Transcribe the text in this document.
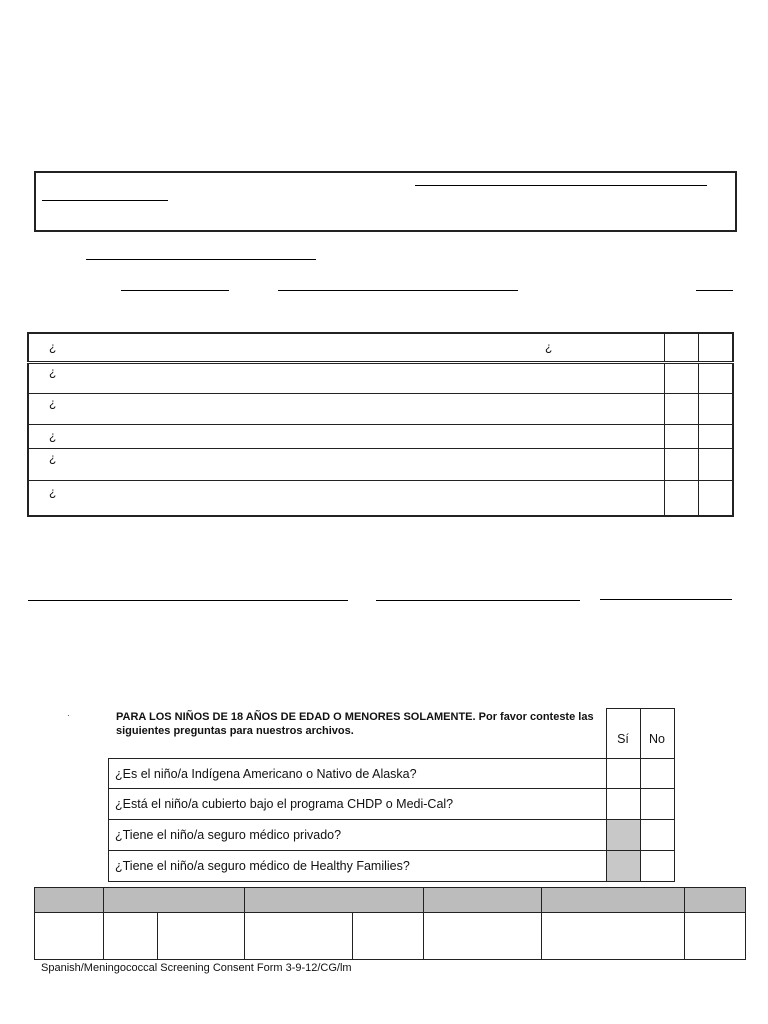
¿ ¿		

¿		
¿		
¿		
¿		
¿		
·	PARA LOS NIÑOS DE 18 AÑOS DE EDAD O MENORES SOLAMENTE. Por favor conteste las siguientes preguntas para nuestros archivos.
	Sí	No
¿Es el niño/a Indígena Americano o Nativo de Alaska?		
¿Está el niño/a cubierto bajo el programa CHDP o Medi-Cal?		
¿Tiene el niño/a seguro médico privado?		
¿Tiene el niño/a seguro médico de Healthy Families?		

Spanish/Meningococcal Screening Consent Form 3-9-12/CG/lm
